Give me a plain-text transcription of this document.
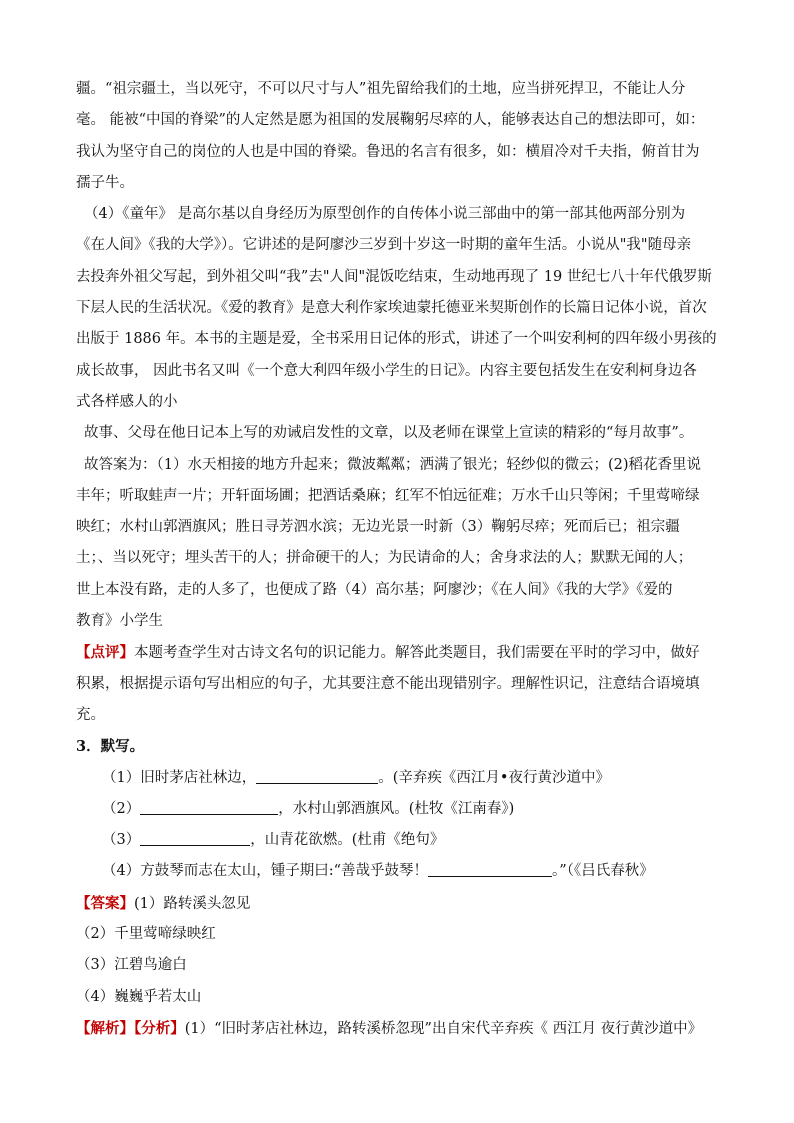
疆。“祖宗疆土，当以死守，不可以尺寸与人”祖先留给我们的土地，应当拼死捍卫，不能让人分
毫。 能被“中国的脊梁”的人定然是愿为祖国的发展鞠躬尽瘁的人，能够表达自己的想法即可，如：
我认为坚守自己的岗位的人也是中国的脊梁。鲁迅的名言有很多，如：横眉冷对千夫指，俯首甘为
孺子牛。
（4）《童年》 是高尔基以自身经历为原型创作的自传体小说三部曲中的第一部其他两部分别为
《在人间》《我的大学》）。它讲述的是阿廖沙三岁到十岁这一时期的童年生活。小说从"我"随母亲
去投奔外祖父写起，到外祖父叫“我”去"人间"混饭吃结束，生动地再现了 19 世纪七八十年代俄罗斯
下层人民的生活状况。《爱的教育》是意大利作家埃迪蒙托德亚米契斯创作的长篇日记体小说，首次
出版于 1886 年。本书的主题是爱，全书采用日记体的形式，讲述了一个叫安利柯的四年级小男孩的
成长故事， 因此书名又叫《一个意大利四年级小学生的日记》。内容主要包括发生在安利柯身边各
式各样感人的小
故事、父母在他日记本上写的劝诫启发性的文章，以及老师在课堂上宣读的精彩的“每月故事”。
故答案为：（1）水天相接的地方升起来；微波粼粼；洒满了银光；轻纱似的微云；(2)稻花香里说
丰年；听取蛙声一片；开轩面场圃；把酒话桑麻；红军不怕远征难；万水千山只等闲；千里莺啼绿
映红；水村山郭酒旗风；胜日寻芳泗水滨；无边光景一时新（3）鞠躬尽瘁；死而后已；祖宗疆
土；、当以死守；埋头苦干的人；拼命硬干的人；为民请命的人；舍身求法的人；默默无闻的人；
世上本没有路，走的人多了，也便成了路（4）高尔基；阿廖沙；《在人间》《我的大学》《爱的
教育》小学生
【点评】本题考查学生对古诗文名句的识记能力。解答此类题目，我们需要在平时的学习中，做好
积累，根据提示语句写出相应的句子，尤其要注意不能出现错别字。理解性识记，注意结合语境填
充。
3．默写。
（1）旧时茅店社林边，	。(辛弃疾《西江月•夜行黄沙道中》
（2）	，水村山郭酒旗风。(杜牧《江南春》)
（3）	，山青花欲燃。(杜甫《绝句》
（4）方鼓琴而志在太山，锺子期曰:“善哉乎鼓琴！	。”（《吕氏春秋》
【答案】(1）路转溪头忽见
（2）千里莺啼绿映红
（3）江碧鸟逾白
（4）巍巍乎若太山
【解析】【分析】(1）“旧时茅店社林边，路转溪桥忽现”出自宋代辛弃疾《 西江月 夜行黄沙道中》
